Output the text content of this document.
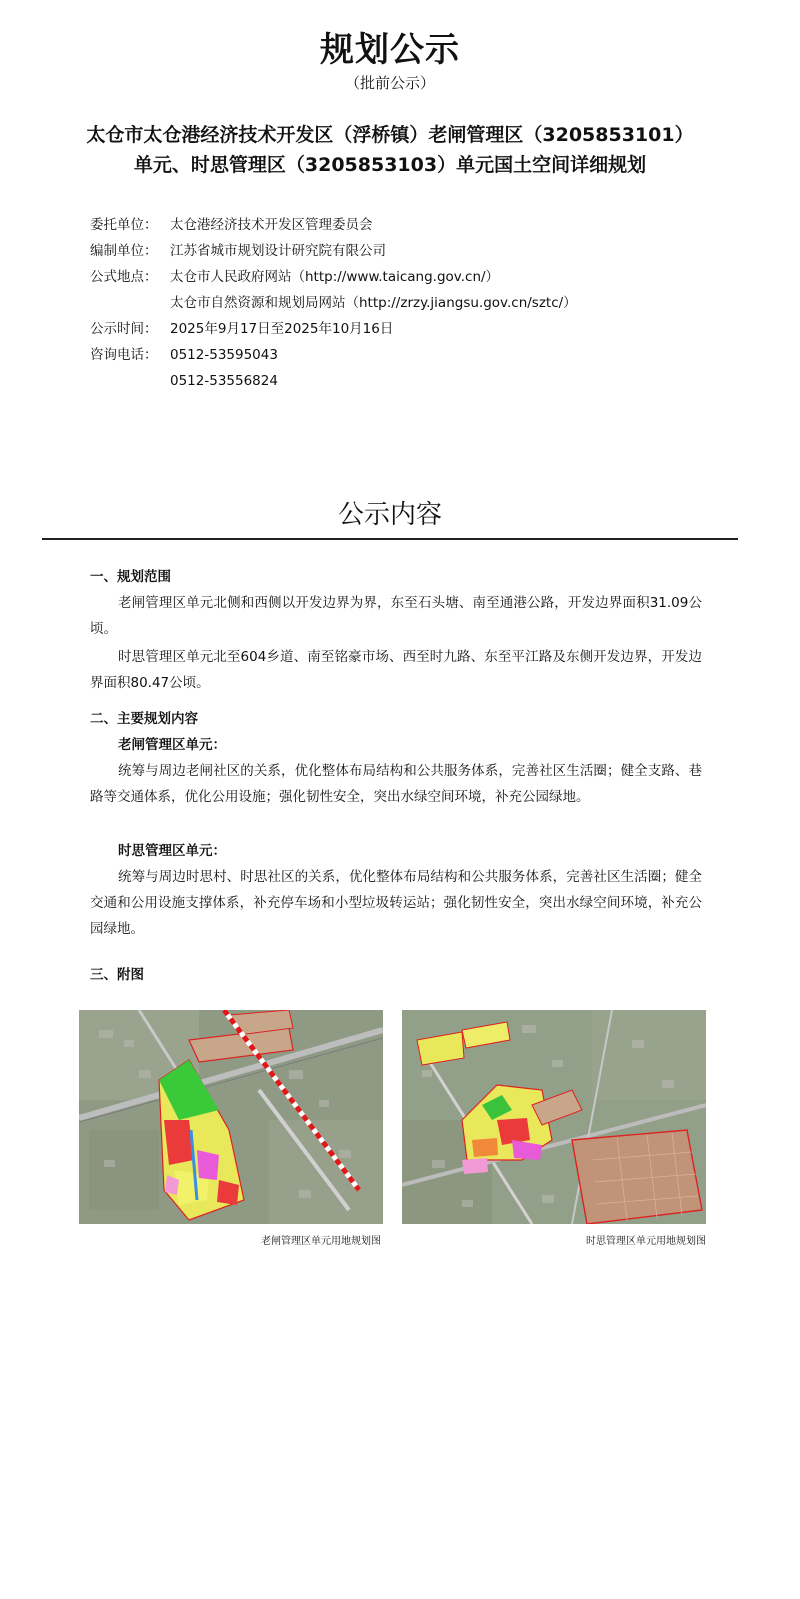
规划公示
（批前公示）
太仓市太仓港经济技术开发区（浮桥镇）老闸管理区（3205853101）
单元、时思管理区（3205853103）单元国土空间详细规划
委托单位： 太仓港经济技术开发区管理委员会
编制单位： 江苏省城市规划设计研究院有限公司
公式地点： 太仓市人民政府网站（http://www.taicang.gov.cn/）
太仓市自然资源和规划局网站（http://zrzy.jiangsu.gov.cn/sztc/）
公示时间： 2025年9月17日至2025年10月16日
咨询电话： 0512-53595043
0512-53556824
公示内容
一、规划范围
老闸管理区单元北侧和西侧以开发边界为界，东至石头塘、南至通港公路，开发边界面积31.09公顷。
时思管理区单元北至604乡道、南至铭豪市场、西至时九路、东至平江路及东侧开发边界，开发边界面积80.47公顷。
二、主要规划内容
老闸管理区单元：
统筹与周边老闸社区的关系，优化整体布局结构和公共服务体系，完善社区生活圈；健全支路、巷路等交通体系，优化公用设施；强化韧性安全，突出水绿空间环境，补充公园绿地。
时思管理区单元：
统筹与周边时思村、时思社区的关系，优化整体布局结构和公共服务体系，完善社区生活圈；健全交通和公用设施支撑体系，补充停车场和小型垃圾转运站；强化韧性安全，突出水绿空间环境，补充公园绿地。
三、附图
老闸管理区单元用地规划图	时思管理区单元用地规划图
